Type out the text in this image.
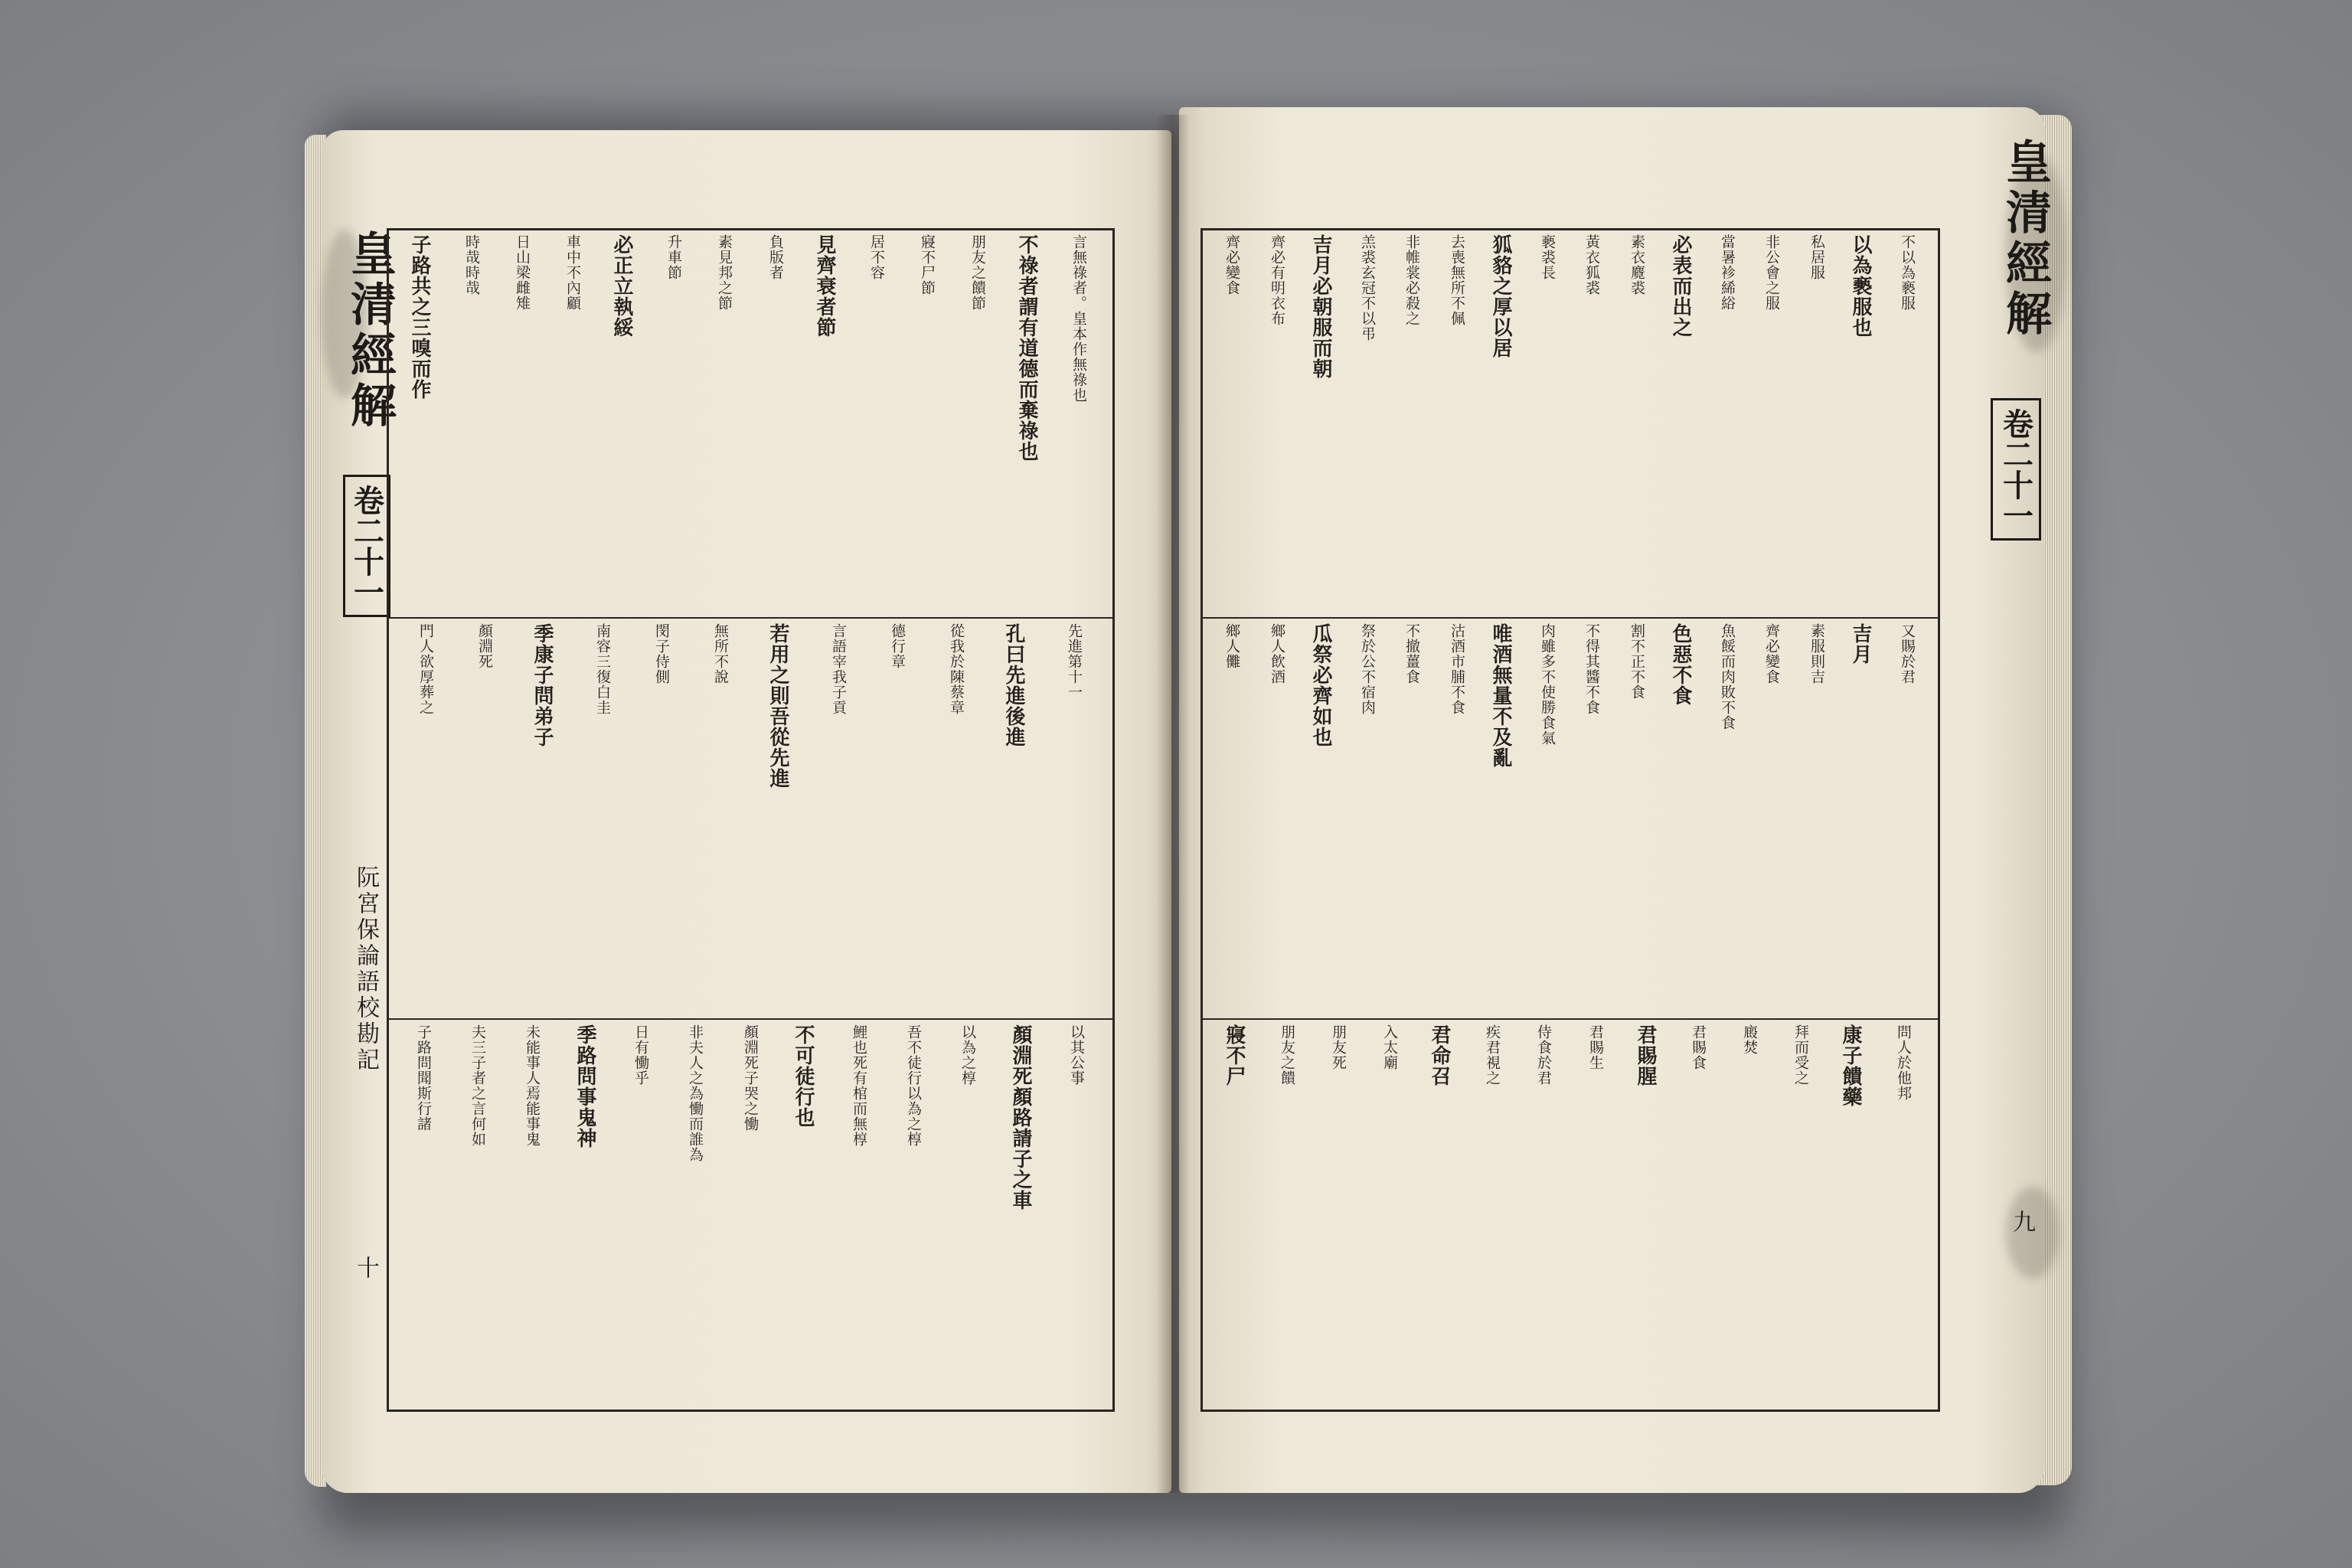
皇清經解
卷二十一
阮宮保論語校勘記
十
言無祿者。皇本作無祿也
不祿者謂有道德而棄祿也
朋友之饋節
寢不尸節
居不容
見齊衰者節
負版者
素見邦之節
升車節
必正立執綏
車中不內顧
日山梁雌雉
時哉時哉
子路共之三嗅而作
先進第十一
孔曰先進後進
從我於陳蔡章
德行章
言語宰我子貢
若用之則吾從先進
無所不說
閔子侍側
南容三復白圭
季康子問弟子
顏淵死
門人欲厚葬之
以其公事
顏淵死顏路請子之車
以為之椁
吾不徒行以為之椁
鯉也死有棺而無椁
不可徒行也
顏淵死子哭之慟
非夫人之為慟而誰為
日有慟乎
季路問事鬼神
未能事人焉能事鬼
夫三子者之言何如
子路問聞斯行諸
皇清經解
卷二十一
九
不以為褻服
以為褻服也
私居服
非公會之服
當暑袗絺綌
必表而出之
素衣麑裘
黃衣狐裘
褻裘長
狐貉之厚以居
去喪無所不佩
非帷裳必殺之
羔裘玄冠不以弔
吉月必朝服而朝
齊必有明衣布
齊必變食
又賜於君
吉月
素服則吉
齊必變食
魚餒而肉敗不食
色惡不食
割不正不食
不得其醬不食
肉雖多不使勝食氣
唯酒無量不及亂
沽酒市脯不食
不撤薑食
祭於公不宿肉
瓜祭必齊如也
鄉人飲酒
鄉人儺
問人於他邦
康子饋藥
拜而受之
廄焚
君賜食
君賜腥
君賜生
侍食於君
疾君視之
君命召
入太廟
朋友死
朋友之饋
寢不尸
